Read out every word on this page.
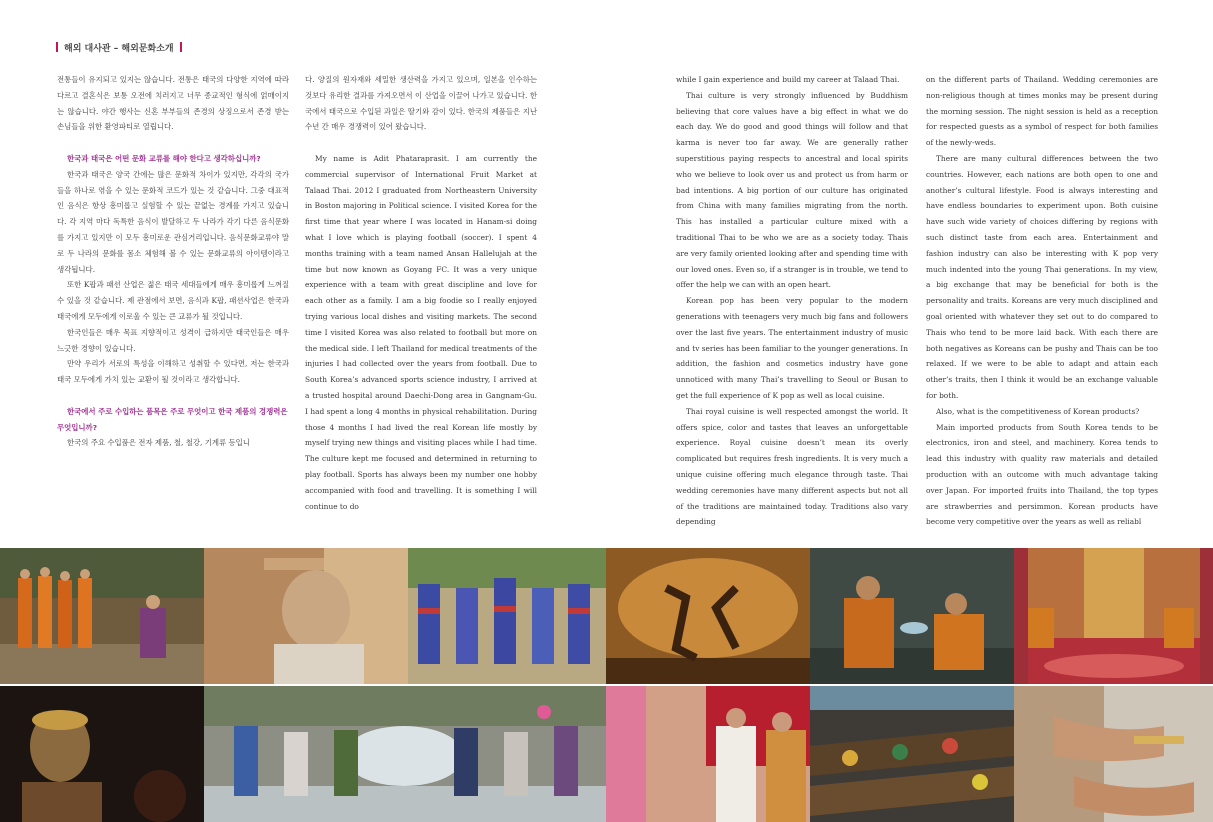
해외 대사관 – 해외문화소개

전통들이 유지되고 있지는 않습니다. 전통은 태국의 다양한 지역에 따라 다르고 결혼식은 보통 오전에 치러지고 너무 종교적인 형식에 얽매이지는 않습니다. 야간 행사는 신혼 부부들의 존경의 상징으로서 존경 받는 손님들을 위한 환영파티로 열립니다.

한국과 태국은 어떤 문화 교류를 해야 한다고 생각하십니까?

한국과 태국은 양국 간에는 많은 문화적 차이가 있지만, 각각의 국가들을 하나로 엮을 수 있는 문화적 코드가 있는 것 같습니다. 그중 대표적인 음식은 항상 흥미롭고 실험할 수 있는 끝없는 경계를 가지고 있습니다. 각 지역 마다 독특한 음식이 발달하고 두 나라가 각기 다른 음식문화를 가지고 있지만 이 모두 흥미로운 관심거리입니다. 음식문화교류야 말로 두 나라의 문화를 몸소 체험해 볼 수 있는 문화교류의 아이템이라고 생각됩니다.

또한 K팝과 패션 산업은 젊은 태국 세대들에게 매우 흥미롭게 느껴질 수 있을 것 같습니다. 제 관점에서 보면, 음식과 K팝, 패션사업은 한국과 태국에게 모두에게 이로울 수 있는 큰 교류가 될 것입니다.

한국인들은 매우 목표 지향적이고 성격이 급하지만 태국인들은 매우 느긋한 경향이 있습니다.

만약 우리가 서로의 특성을 이해하고 성취할 수 있다면, 저는 한국과 태국 모두에게 가치 있는 교환이 될 것이라고 생각합니다.

한국에서 주로 수입하는 품목은 주로 무엇이고 한국 제품의 경쟁력은 무엇입니까?

한국의 주요 수입품은 전자 제품, 철, 철강, 기계류 등입니

다. 양질의 원자재와 세밀한 생산력을 가지고 있으며, 일본을 인수하는 것보다 유리한 결과를 가져오면서 이 산업을 이끌어 나가고 있습니다. 한국에서 태국으로 수입된 과일은 딸기와 감이 있다. 한국의 제품들은 지난 수년 간 매우 경쟁력이 있어 왔습니다.

My name is Adit Phataraprasit. I am currently the commercial supervisor of International Fruit Market at Talaad Thai. 2012 I graduated from Northeastern University in Boston majoring in Political science. I visited Korea for the first time that year where I was located in Hanam-si doing what I love which is playing football (soccer). I spent 4 months training with a team named Ansan Hallelujah at the time but now known as Goyang FC. It was a very unique experience with a team with great discipline and love for each other as a family. I am a big foodie so I really enjoyed trying various local dishes and visiting markets. The second time I visited Korea was also related to football but more on the medical side. I left Thailand for medical treatments of the injuries I had collected over the years from football. Due to South Korea’s advanced sports science industry, I arrived at a trusted hospital around Daechi-Dong area in Gangnam-Gu. I had spent a long 4 months in physical rehabilitation. During those 4 months I had lived the real Korean life mostly by myself trying new things and visiting places while I had time. The culture kept me focused and determined in returning to play football. Sports has always been my number one hobby accompanied with food and travelling. It is something I will continue to do

while I gain experience and build my career at Talaad Thai.

Thai culture is very strongly influenced by Buddhism believing that core values have a big effect in what we do each day. We do good and good things will follow and that karma is never too far away. We are generally rather superstitious paying respects to ancestral and local spirits who we believe to look over us and protect us from harm or bad intentions. A big portion of our culture has originated from China with many families migrating from the north. This has installed a particular culture mixed with a traditional Thai to be who we are as a society today. Thais are very family oriented looking after and spending time with our loved ones. Even so, if a stranger is in trouble, we tend to offer the help we can with an open heart.

Korean pop has been very popular to the modern generations with teenagers very much big fans and followers over the last five years. The entertainment industry of music and tv series has been familiar to the younger generations. In addition, the fashion and cosmetics industry have gone unnoticed with many Thai’s travelling to Seoul or Busan to get the full experience of K pop as well as local cuisine.

Thai royal cuisine is well respected amongst the world. It offers spice, color and tastes that leaves an unforgettable experience. Royal cuisine doesn’t mean its overly complicated but requires fresh ingredients. It is very much a unique cuisine offering much elegance through taste. Thai wedding ceremonies have many different aspects but not all of the traditions are maintained today. Traditions also vary depending

on the different parts of Thailand. Wedding ceremonies are non-religious though at times monks may be present during the morning session. The night session is held as a reception for respected guests as a symbol of respect for both families of the newly-weds.

There are many cultural differences between the two countries. However, each nations are both open to one and another’s cultural lifestyle. Food is always interesting and have endless boundaries to experiment upon. Both cuisine have such wide variety of choices differing by regions with such distinct taste from each area. Entertainment and fashion industry can also be interesting with K pop very much indented into the young Thai generations. In my view, a big exchange that may be beneficial for both is the personality and traits. Koreans are very much disciplined and goal oriented with whatever they set out to do compared to Thais who tend to be more laid back. With each there are both negatives as Koreans can be pushy and Thais can be too relaxed. If we were to be able to adapt and attain each other’s traits, then I think it would be an exchange valuable for both.

Also, what is the competitiveness of Korean products?

Main imported products from South Korea tends to be electronics, iron and steel, and machinery. Korea tends to lead this industry with quality raw materials and detailed production with an outcome with much advantage taking over Japan. For imported fruits into Thailand, the top types are strawberries and persimmon. Korean products have become very competitive over the years as well as reliabl
